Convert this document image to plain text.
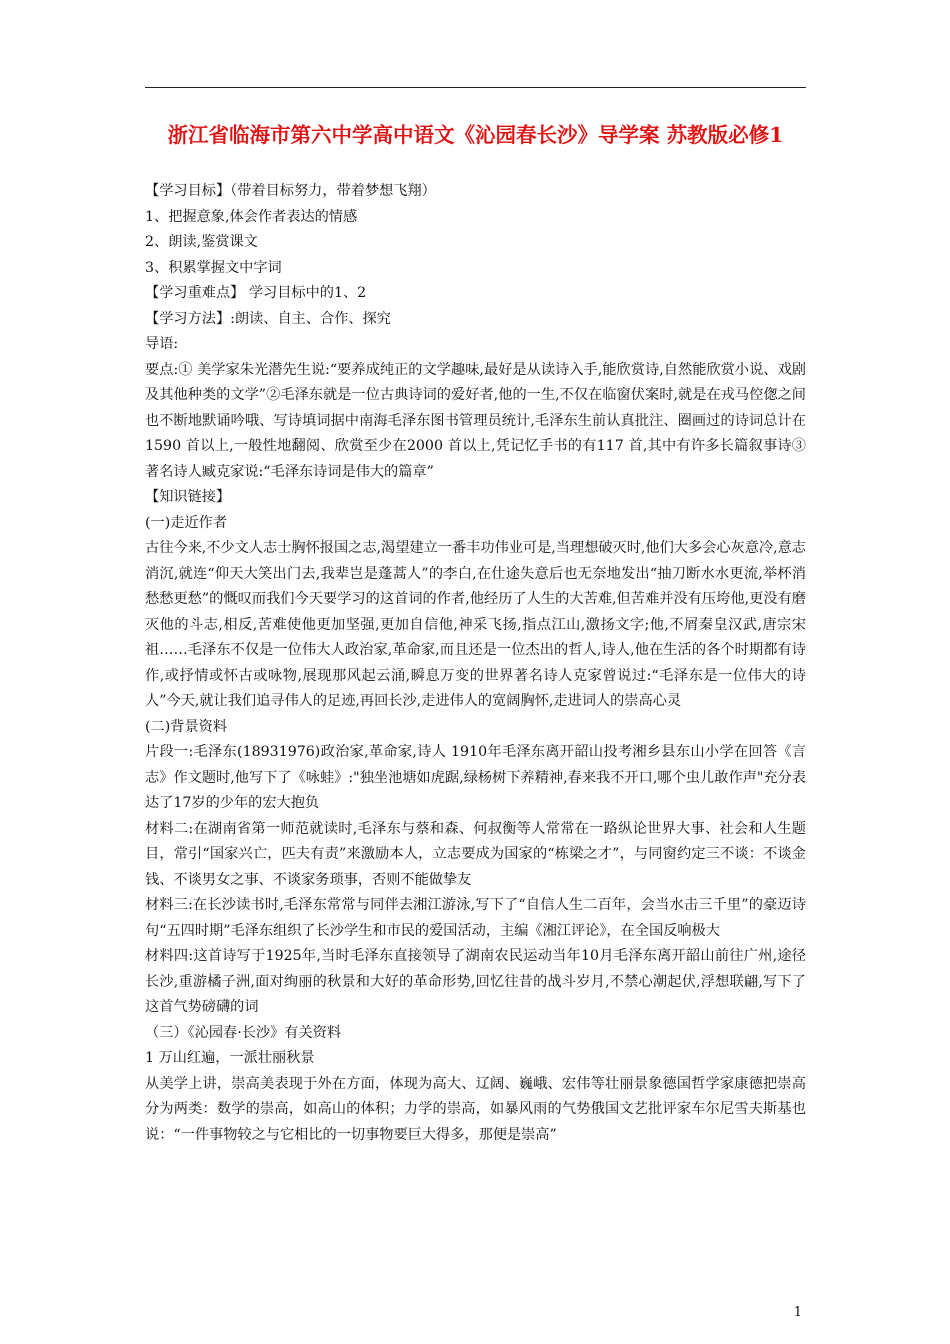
浙江省临海市第六中学高中语文《沁园春长沙》导学案 苏教版必修1

【学习目标】（带着目标努力，带着梦想飞翔）

1、把握意象,体会作者表达的情感

2、朗读,鉴赏课文

3、积累掌握文中字词

【学习重难点】 学习目标中的1、2

【学习方法】:朗读、自主、合作、探究

导语:

要点:① 美学家朱光潜先生说:“要养成纯正的文学趣味,最好是从读诗入手,能欣赏诗,自然能欣赏小说、戏剧及其他种类的文学”②毛泽东就是一位古典诗词的爱好者,他的一生,不仅在临窗伏案时,就是在戎马倥偬之间也不断地默诵吟哦、写诗填词据中南海毛泽东图书管理员统计,毛泽东生前认真批注、圈画过的诗词总计在1590 首以上,一般性地翻阅、欣赏至少在2000 首以上,凭记忆手书的有117 首,其中有许多长篇叙事诗③著名诗人臧克家说:“毛泽东诗词是伟大的篇章”

【知识链接】

(一)走近作者

古往今来,不少文人志士胸怀报国之志,渴望建立一番丰功伟业可是,当理想破灭时,他们大多会心灰意冷,意志消沉,就连“仰天大笑出门去,我辈岂是蓬蒿人”的李白,在仕途失意后也无奈地发出“抽刀断水水更流,举杯消愁愁更愁”的慨叹而我们今天要学习的这首词的作者,他经历了人生的大苦难,但苦难并没有压垮他,更没有磨灭他的斗志,相反,苦难使他更加坚强,更加自信他,神采飞扬,指点江山,激扬文字;他,不屑秦皇汉武,唐宗宋祖……毛泽东不仅是一位伟大人政治家,革命家,而且还是一位杰出的哲人,诗人,他在生活的各个时期都有诗作,或抒情或怀古或咏物,展现那风起云涌,瞬息万变的世界著名诗人克家曾说过:“毛泽东是一位伟大的诗人”今天,就让我们追寻伟人的足迹,再回长沙,走进伟人的宽阔胸怀,走进词人的崇高心灵

(二)背景资料

片段一:毛泽东(18931976)政治家,革命家,诗人 1910年毛泽东离开韶山投考湘乡县东山小学在回答《言志》作文题时,他写下了《咏蛙》:"独坐池塘如虎踞,绿杨树下养精神,春来我不开口,哪个虫儿敢作声"充分表达了17岁的少年的宏大抱负

材料二:在湖南省第一师范就读时,毛泽东与蔡和森、何叔衡等人常常在一路纵论世界大事、社会和人生题目，常引“国家兴亡，匹夫有责”来激励本人，立志要成为国家的“栋梁之才”，与同窗约定三不谈：不谈金钱、不谈男女之事、不谈家务琐事，否则不能做挚友

材料三:在长沙读书时,毛泽东常常与同伴去湘江游泳,写下了“自信人生二百年，会当水击三千里”的豪迈诗句“五四时期”毛泽东组织了长沙学生和市民的爱国活动，主编《湘江评论》，在全国反响极大

材料四:这首诗写于1925年,当时毛泽东直接领导了湖南农民运动当年10月毛泽东离开韶山前往广州,途径长沙,重游橘子洲,面对绚丽的秋景和大好的革命形势,回忆往昔的战斗岁月,不禁心潮起伏,浮想联翩,写下了这首气势磅礴的词

（三）《沁园春·长沙》有关资料

1 万山红遍，一派壮丽秋景

从美学上讲，崇高美表现于外在方面，体现为高大、辽阔、巍峨、宏伟等壮丽景象德国哲学家康德把崇高分为两类：数学的崇高，如高山的体积；力学的崇高，如暴风雨的气势俄国文艺批评家车尔尼雪夫斯基也说：“一件事物较之与它相比的一切事物要巨大得多，那便是崇高”

1
